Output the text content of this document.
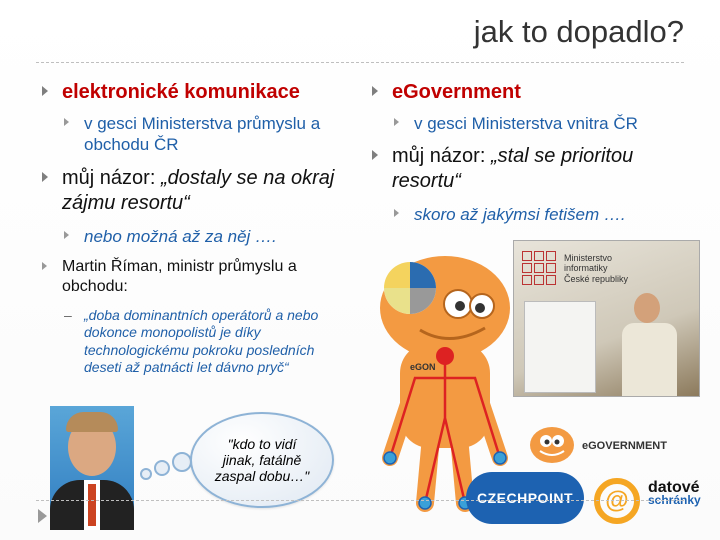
jak to dopadlo?
elektronické komunikace
v gesci Ministerstva průmyslu a obchodu ČR
můj názor: „dostaly se na okraj zájmu resortu“
nebo možná až za něj ….
Martin Říman, ministr průmyslu a obchodu:
– „doba dominantních operátorů a nebo dokonce monopolistů je díky technologickému pokroku posledních deseti až patnácti let dávno pryč“
eGovernment
v gesci Ministerstva vnitra ČR
můj názor: „stal se prioritou resortu“
skoro až jakýmsi fetišem ….
eGON
Ministerstvo
informatiky
České republiky
"kdo to vidí jinak, fatálně zaspal dobu…"
eGOVERNMENT
CZECHPOINT	@	datové
schránky
